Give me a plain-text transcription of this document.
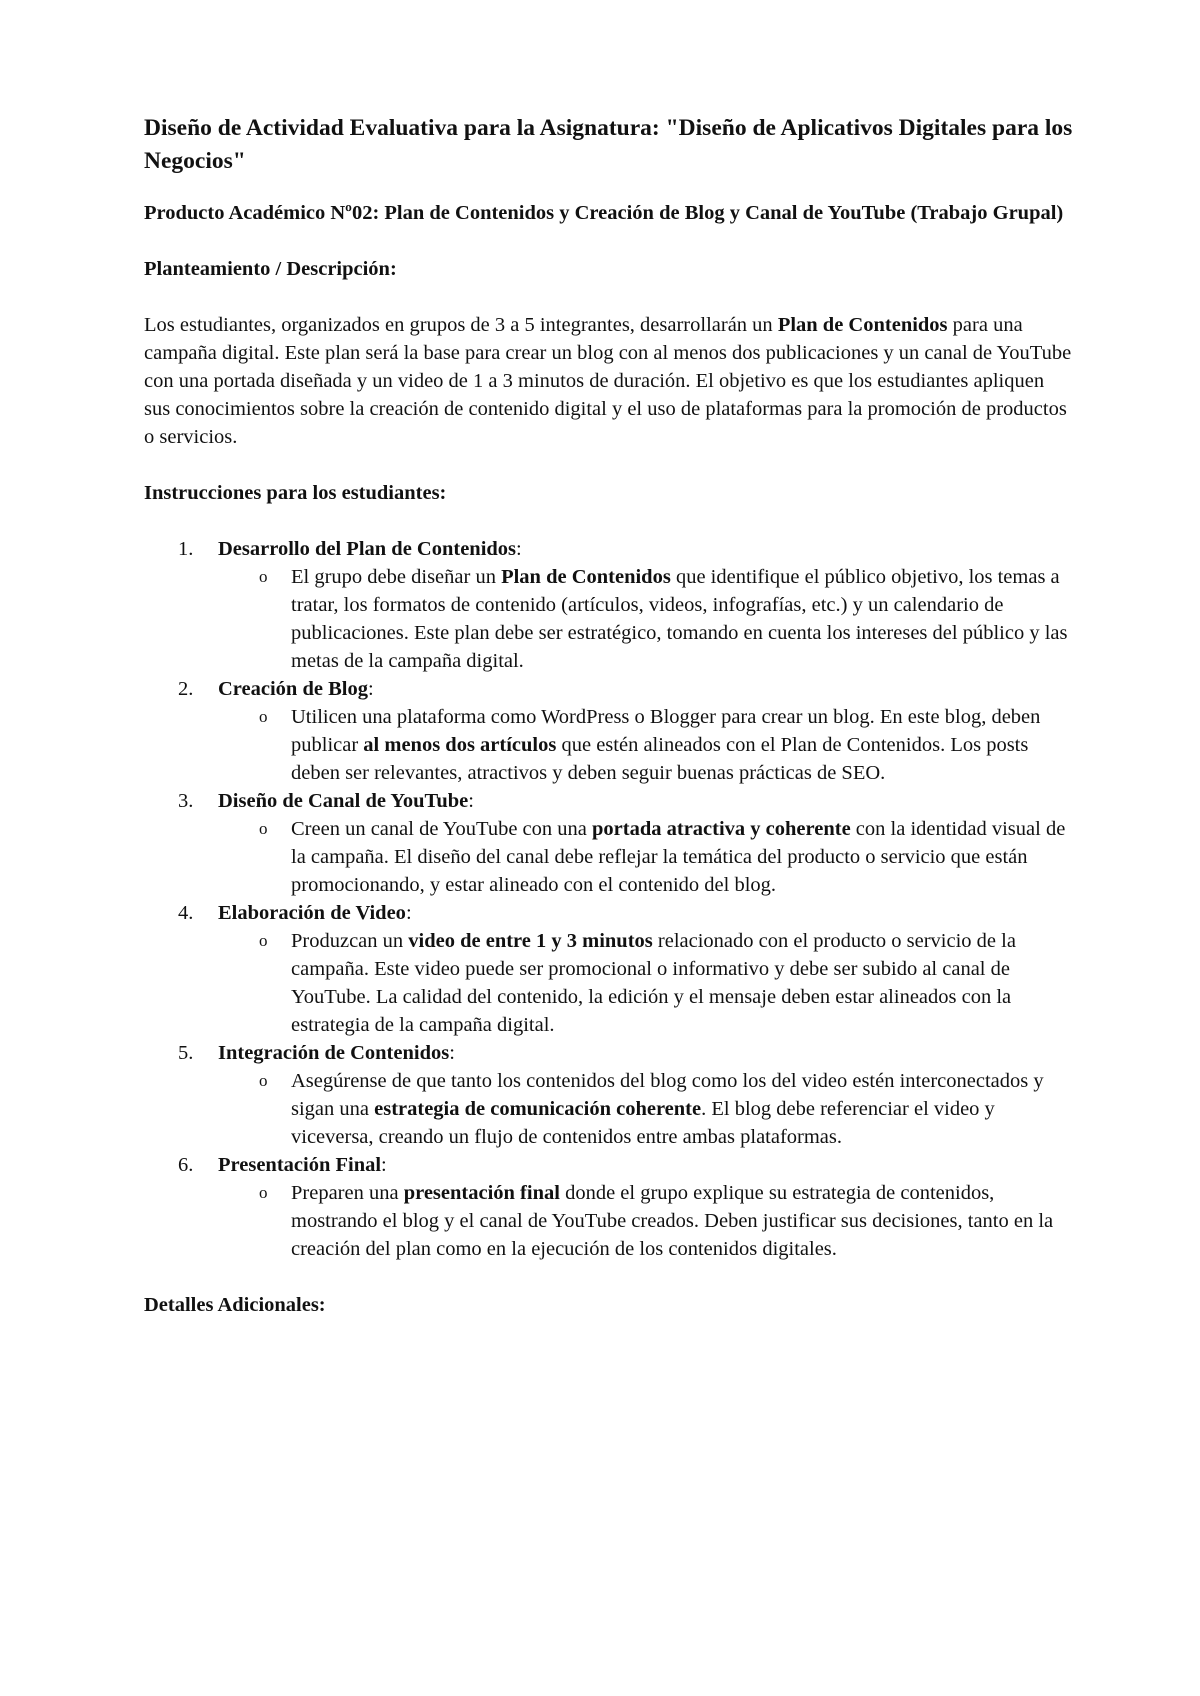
Diseño de Actividad Evaluativa para la Asignatura: "Diseño de Aplicativos Digitales para los Negocios"
Producto Académico Nº02: Plan de Contenidos y Creación de Blog y Canal de YouTube (Trabajo Grupal)
Planteamiento / Descripción:
Los estudiantes, organizados en grupos de 3 a 5 integrantes, desarrollarán un Plan de Contenidos para una campaña digital. Este plan será la base para crear un blog con al menos dos publicaciones y un canal de YouTube con una portada diseñada y un video de 1 a 3 minutos de duración. El objetivo es que los estudiantes apliquen sus conocimientos sobre la creación de contenido digital y el uso de plataformas para la promoción de productos o servicios.
Instrucciones para los estudiantes:
1. Desarrollo del Plan de Contenidos:
o El grupo debe diseñar un Plan de Contenidos que identifique el público objetivo, los temas a tratar, los formatos de contenido (artículos, videos, infografías, etc.) y un calendario de publicaciones. Este plan debe ser estratégico, tomando en cuenta los intereses del público y las metas de la campaña digital.
2. Creación de Blog:
o Utilicen una plataforma como WordPress o Blogger para crear un blog. En este blog, deben publicar al menos dos artículos que estén alineados con el Plan de Contenidos. Los posts deben ser relevantes, atractivos y deben seguir buenas prácticas de SEO.
3. Diseño de Canal de YouTube:
o Creen un canal de YouTube con una portada atractiva y coherente con la identidad visual de la campaña. El diseño del canal debe reflejar la temática del producto o servicio que están promocionando, y estar alineado con el contenido del blog.
4. Elaboración de Video:
o Produzcan un video de entre 1 y 3 minutos relacionado con el producto o servicio de la campaña. Este video puede ser promocional o informativo y debe ser subido al canal de YouTube. La calidad del contenido, la edición y el mensaje deben estar alineados con la estrategia de la campaña digital.
5. Integración de Contenidos:
o Asegúrense de que tanto los contenidos del blog como los del video estén interconectados y sigan una estrategia de comunicación coherente. El blog debe referenciar el video y viceversa, creando un flujo de contenidos entre ambas plataformas.
6. Presentación Final:
o Preparen una presentación final donde el grupo explique su estrategia de contenidos, mostrando el blog y el canal de YouTube creados. Deben justificar sus decisiones, tanto en la creación del plan como en la ejecución de los contenidos digitales.
Detalles Adicionales:
